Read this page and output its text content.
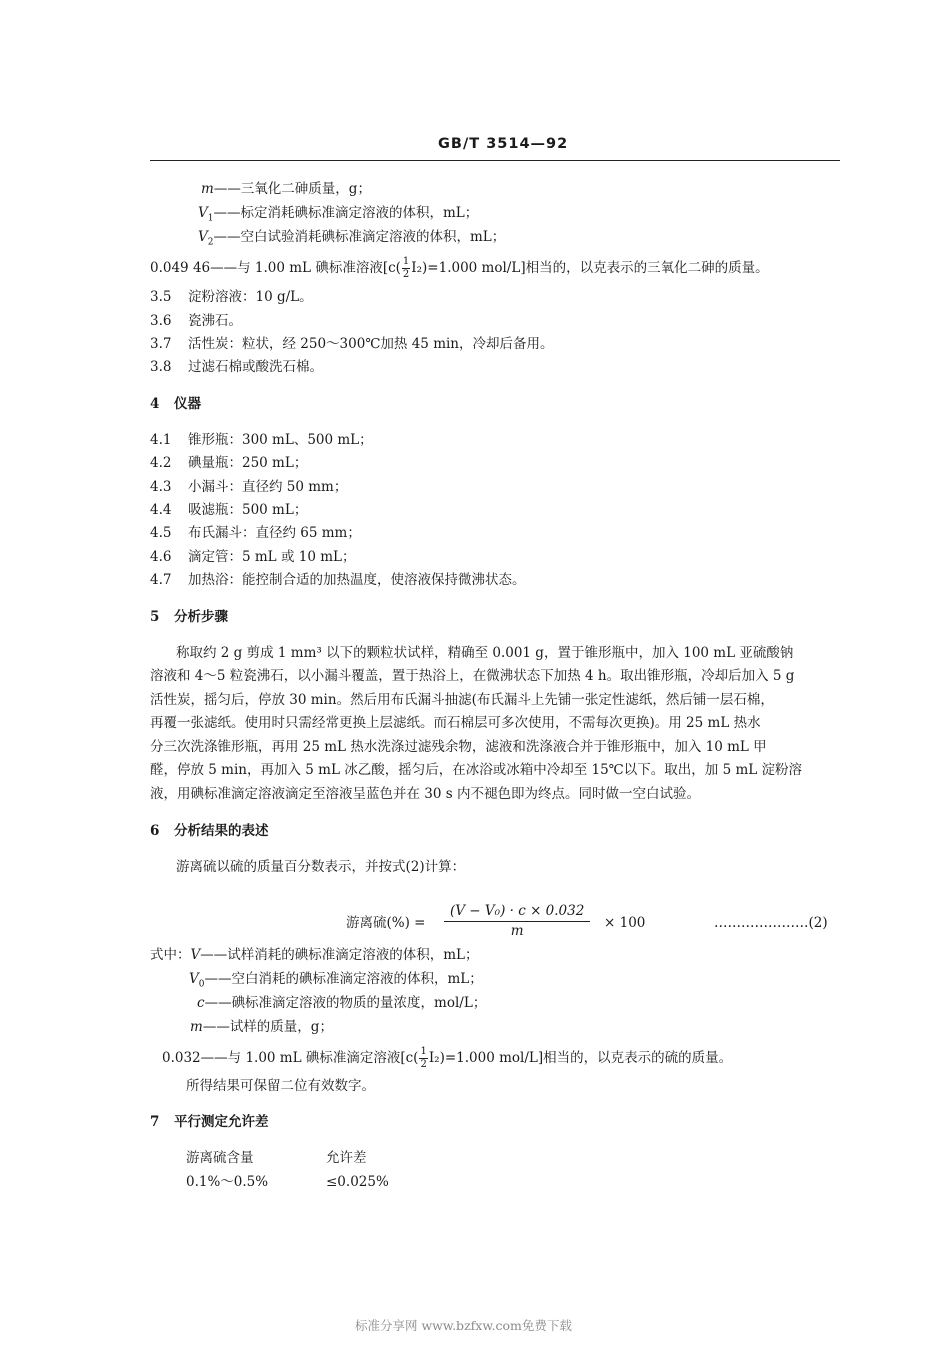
GB/T 3514—92
m——三氧化二砷质量，g；
$V_1——$标定消耗碘标准滴定溶液的体积，mL；
$V_2——$空白试验消耗碘标准滴定溶液的体积，mL；
0.049 46——与 1.00 mL 碘标准溶液[$c( \frac{1}{2} I_2)=1.000$ mol/L]相当的，以克表示的三氧化二砷的质量。
3.5 淀粉溶液：10 g/L。
3.6 瓷沸石。
3.7 活性炭：粒状，经 250～300℃加热 45 min，冷却后备用。
3.8 过滤石棉或酸洗石棉。
4 仪器
4.1 锥形瓶：300 mL、500 mL；
4.2 碘量瓶：250 mL；
4.3 小漏斗：直径约 50 mm；
4.4 吸滤瓶：500 mL；
4.5 布氏漏斗：直径约 65 mm；
4.6 滴定管：5 mL 或 10 mL；
4.7 加热浴：能控制合适的加热温度，使溶液保持微沸状态。
5 分析步骤
称取约 2 g 剪成 1 mm³ 以下的颗粒状试样，精确至 0.001 g，置于锥形瓶中，加入 100 mL 亚硫酸钠
溶液和 4～5 粒瓷沸石，以小漏斗覆盖，置于热浴上，在微沸状态下加热 4 h。取出锥形瓶，冷却后加入 5 g
活性炭，摇匀后，停放 30 min。然后用布氏漏斗抽滤(布氏漏斗上先铺一张定性滤纸，然后铺一层石棉，
再覆一张滤纸。使用时只需经常更换上层滤纸。而石棉层可多次使用，不需每次更换)。用 25 mL 热水
分三次洗涤锥形瓶，再用 25 mL 热水洗涤过滤残余物，滤液和洗涤液合并于锥形瓶中，加入 10 mL 甲
醛，停放 5 min，再加入 5 mL 冰乙酸，摇匀后，在冰浴或冰箱中冷却至 15℃以下。取出，加 5 mL 淀粉溶
液，用碘标准滴定溶液滴定至溶液呈蓝色并在 30 s 内不褪色即为终点。同时做一空白试验。
6 分析结果的表述
游离硫以硫的质量百分数表示，并按式(2)计算：
游离硫(%) = $\frac{\text{(V − V₀) · c × 0.032}}{m} \times 100$	…………………(2)
式中：V——试样消耗的碘标准滴定溶液的体积，mL；
$V_0——$空白消耗的碘标准滴定溶液的体积，mL；
c——碘标准滴定溶液的物质的量浓度，mol/L；
m——试样的质量，g；
0.032——与 1.00 mL 碘标准滴定溶液[$c( \frac{1}{2} I_2)=1.000$ mol/L]相当的，以克表示的硫的质量。
所得结果可保留二位有效数字。
7 平行测定允许差
游离硫含量	允许差
0.1%～0.5%	≤0.025%
标准分享网 www.bzfxw.com免费下载
